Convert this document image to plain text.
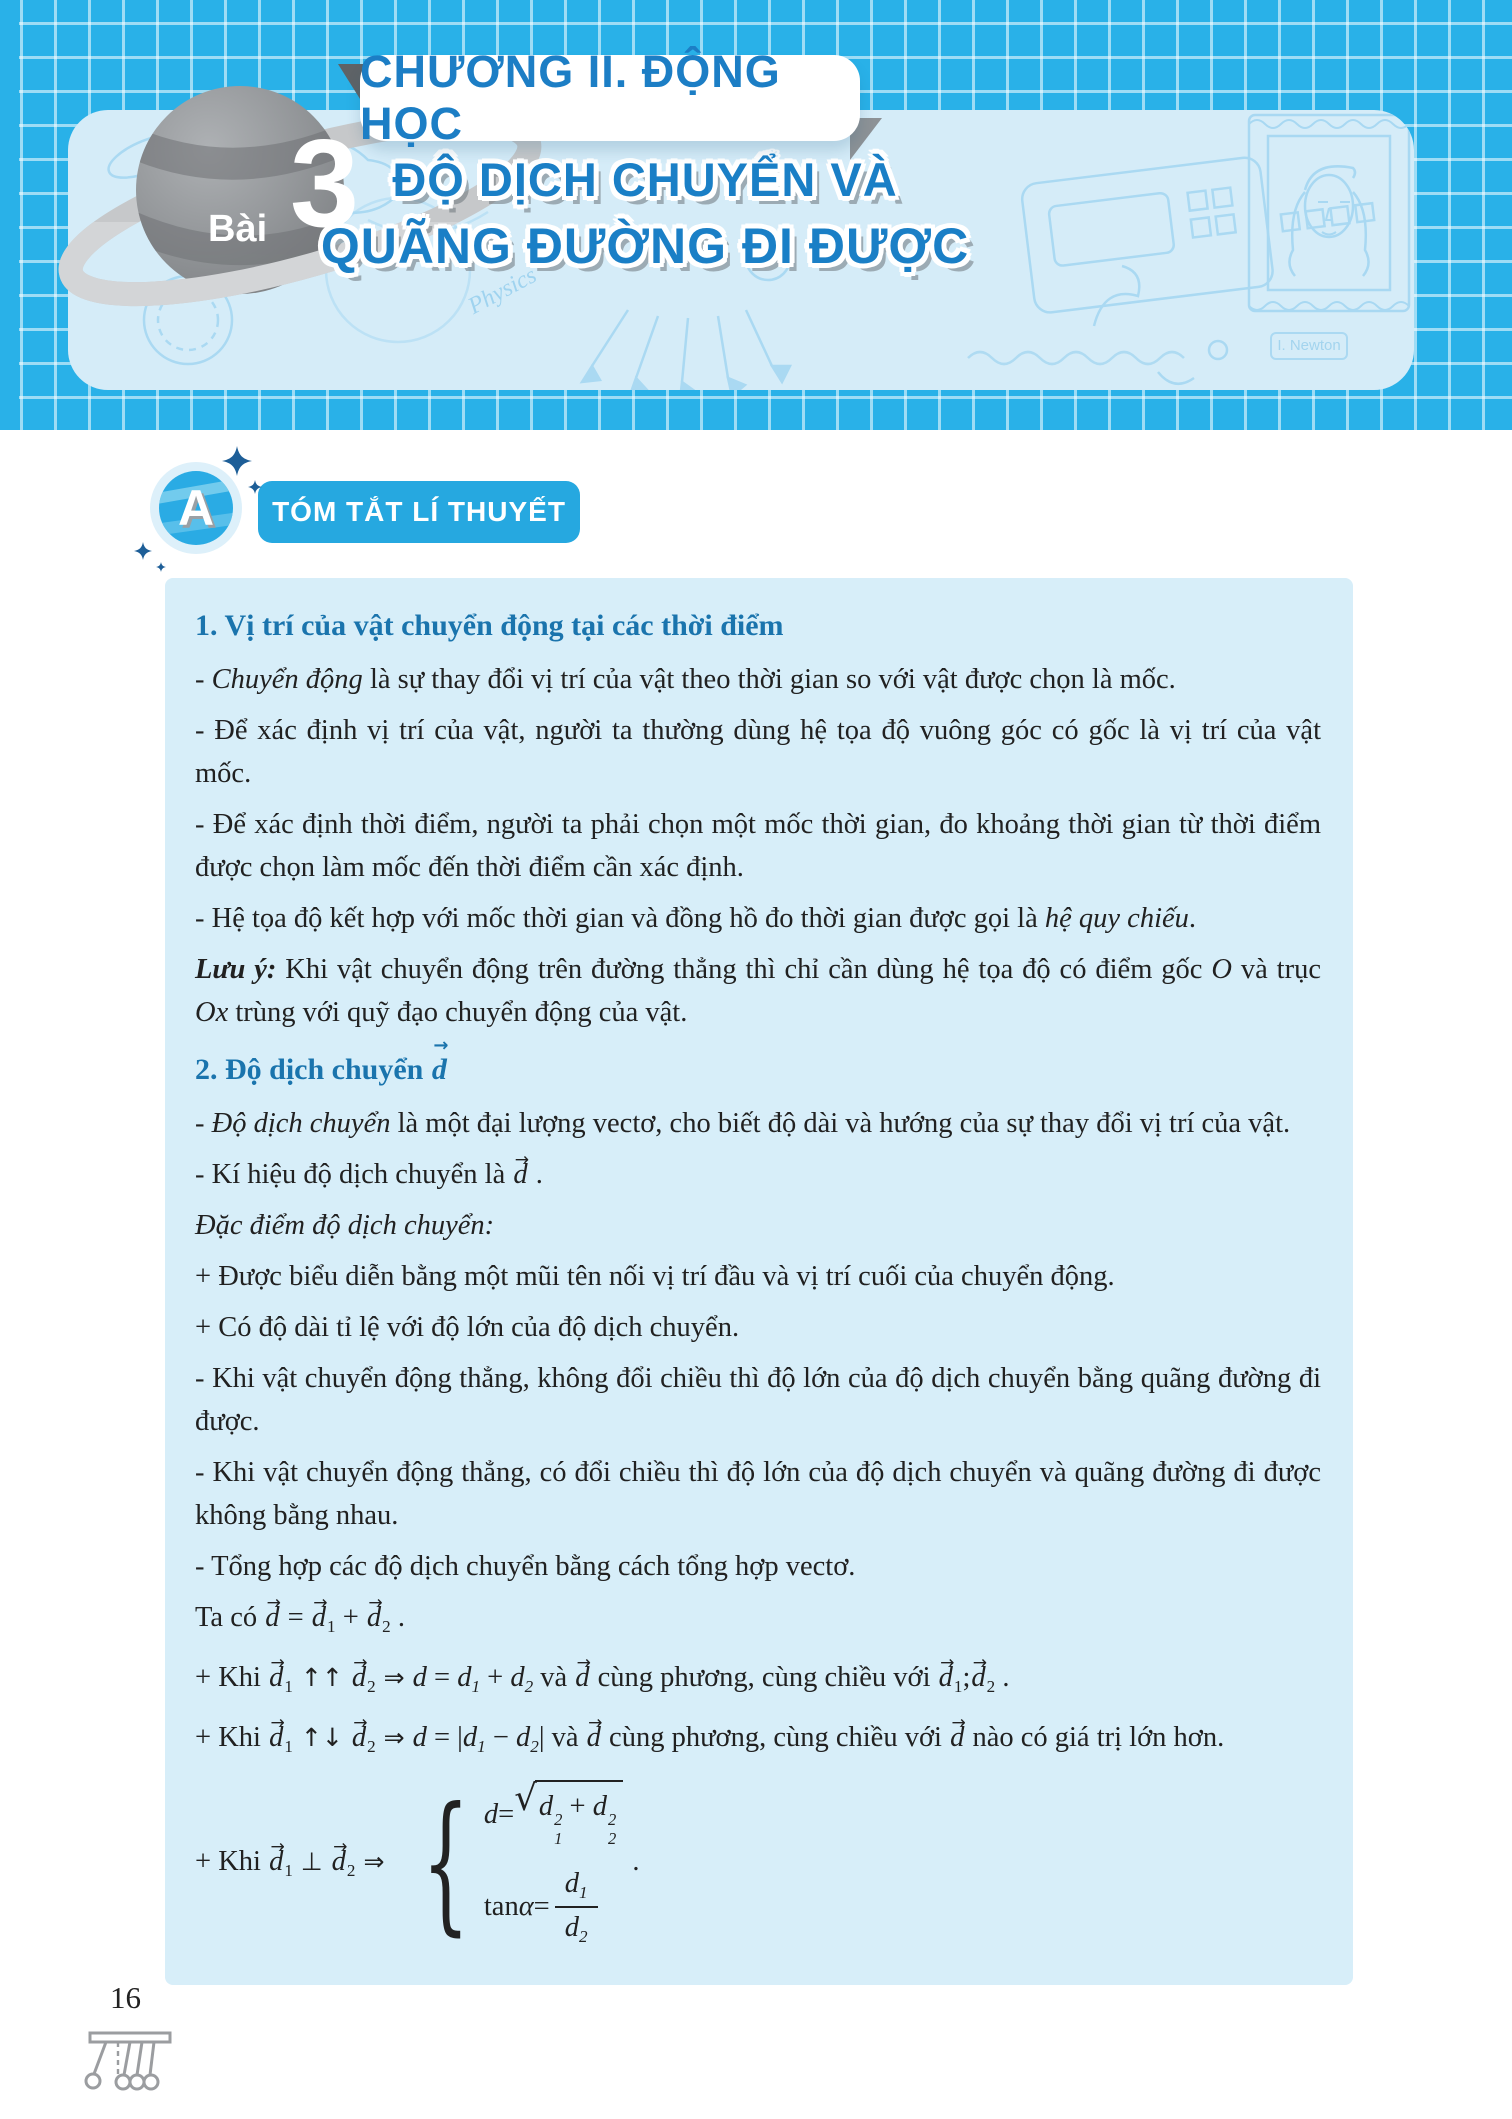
Physics
I. Newton
Bài 3
CHƯƠNG II. ĐỘNG HỌC
ĐỘ DỊCH CHUYỂN VÀ
QUÃNG ĐƯỜNG ĐI ĐƯỢC
TÓM TẮT LÍ THUYẾT
A
1. Vị trí của vật chuyển động tại các thời điểm

- Chuyển động là sự thay đổi vị trí của vật theo thời gian so với vật được chọn là mốc.

- Để xác định vị trí của vật, người ta thường dùng hệ tọa độ vuông góc có gốc là vị trí của vật mốc.

- Để xác định thời điểm, người ta phải chọn một mốc thời gian, đo khoảng thời gian từ thời điểm được chọn làm mốc đến thời điểm cần xác định.

- Hệ tọa độ kết hợp với mốc thời gian và đồng hồ đo thời gian được gọi là hệ quy chiếu.

Lưu ý: Khi vật chuyển động trên đường thẳng thì chỉ cần dùng hệ tọa độ có điểm gốc O và trục Ox trùng với quỹ đạo chuyển động của vật.

2. Độ dịch chuyển d →

- Độ dịch chuyển là một đại lượng vectơ, cho biết độ dài và hướng của sự thay đổi vị trí của vật.

- Kí hiệu độ dịch chuyển là d → .

Đặc điểm độ dịch chuyển:

+ Được biểu diễn bằng một mũi tên nối vị trí đầu và vị trí cuối của chuyển động.

+ Có độ dài tỉ lệ với độ lớn của độ dịch chuyển.

- Khi vật chuyển động thẳng, không đổi chiều thì độ lớn của độ dịch chuyển bằng quãng đường đi được.

- Khi vật chuyển động thẳng, có đổi chiều thì độ lớn của độ dịch chuyển và quãng đường đi được không bằng nhau.

- Tổng hợp các độ dịch chuyển bằng cách tổng hợp vectơ.

Ta có d → = $d \to_1 + d \to_2$ .

+ Khi $d \to_1$ ↑↑ $d \to_2$ ⇒ $d = d_1 + d_2$ và d → cùng phương, cùng chiều với $d \to_1;d \to_2$ .

+ Khi $d \to_1$ ↑↓ $d \to_2$ ⇒ $d = |d_1 - d_2|$ và d → cùng phương, cùng chiều với d → nào có giá trị lớn hơn.

+ Khi $d \to_1$ ⊥ $d \to_2$ ⇒ { d = √ d 2
1
+ d 2
2
$\tan \alpha = \frac{d_1}{d_2}$
.

16
